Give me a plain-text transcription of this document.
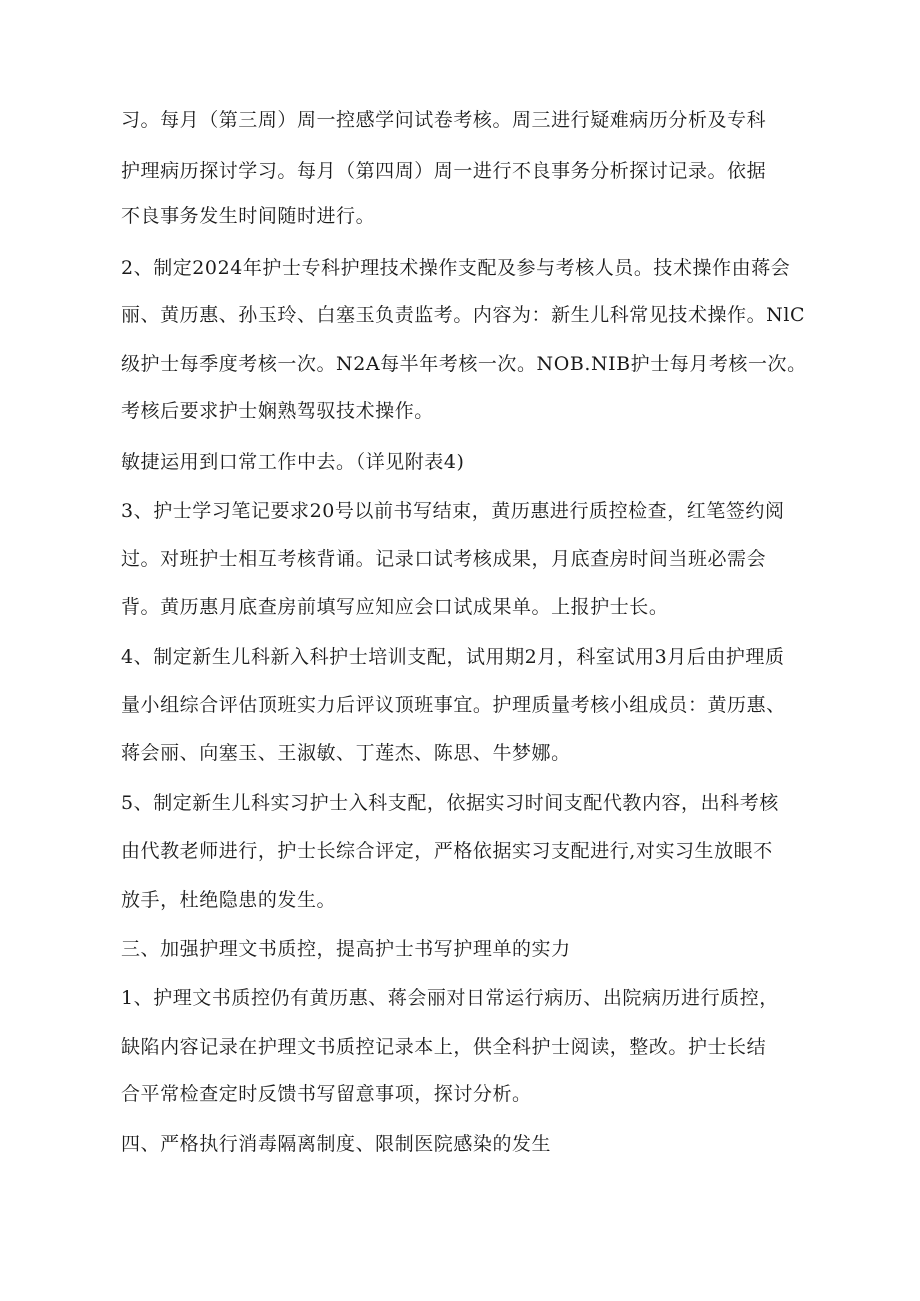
习。每月（第三周）周一控感学问试卷考核。周三进行疑难病历分析及专科
护理病历探讨学习。每月（第四周）周一进行不良事务分析探讨记录。依据
不良事务发生时间随时进行。
2、制定2024年护士专科护理技术操作支配及参与考核人员。技术操作由蒋会
丽、黄历惠、孙玉玲、白塞玉负责监考。内容为：新生儿科常见技术操作。NlC
级护士每季度考核一次。N2A每半年考核一次。NOB.NIB护士每月考核一次。
考核后要求护士娴熟驾驭技术操作。
敏捷运用到口常工作中去。（详见附表4)
3、护士学习笔记要求20号以前书写结束，黄历惠进行质控检查，红笔签约阅
过。对班护士相互考核背诵。记录口试考核成果，月底查房时间当班必需会
背。黄历惠月底查房前填写应知应会口试成果单。上报护士长。
4、制定新生儿科新入科护士培训支配，试用期2月，科室试用3月后由护理质
量小组综合评估顶班实力后评议顶班事宜。护理质量考核小组成员：黄历惠、
蒋会丽、向塞玉、王淑敏、丁莲杰、陈思、牛梦娜。
5、制定新生儿科实习护士入科支配，依据实习时间支配代教内容，出科考核
由代教老师进行，护士长综合评定，严格依据实习支配进行,对实习生放眼不
放手，杜绝隐患的发生。
三、加强护理文书质控，提高护士书写护理单的实力
1、护理文书质控仍有黄历惠、蒋会丽对日常运行病历、出院病历进行质控，
缺陷内容记录在护理文书质控记录本上，供全科护士阅读，整改。护士长结
合平常检查定时反馈书写留意事项，探讨分析。
四、严格执行消毒隔离制度、限制医院感染的发生
